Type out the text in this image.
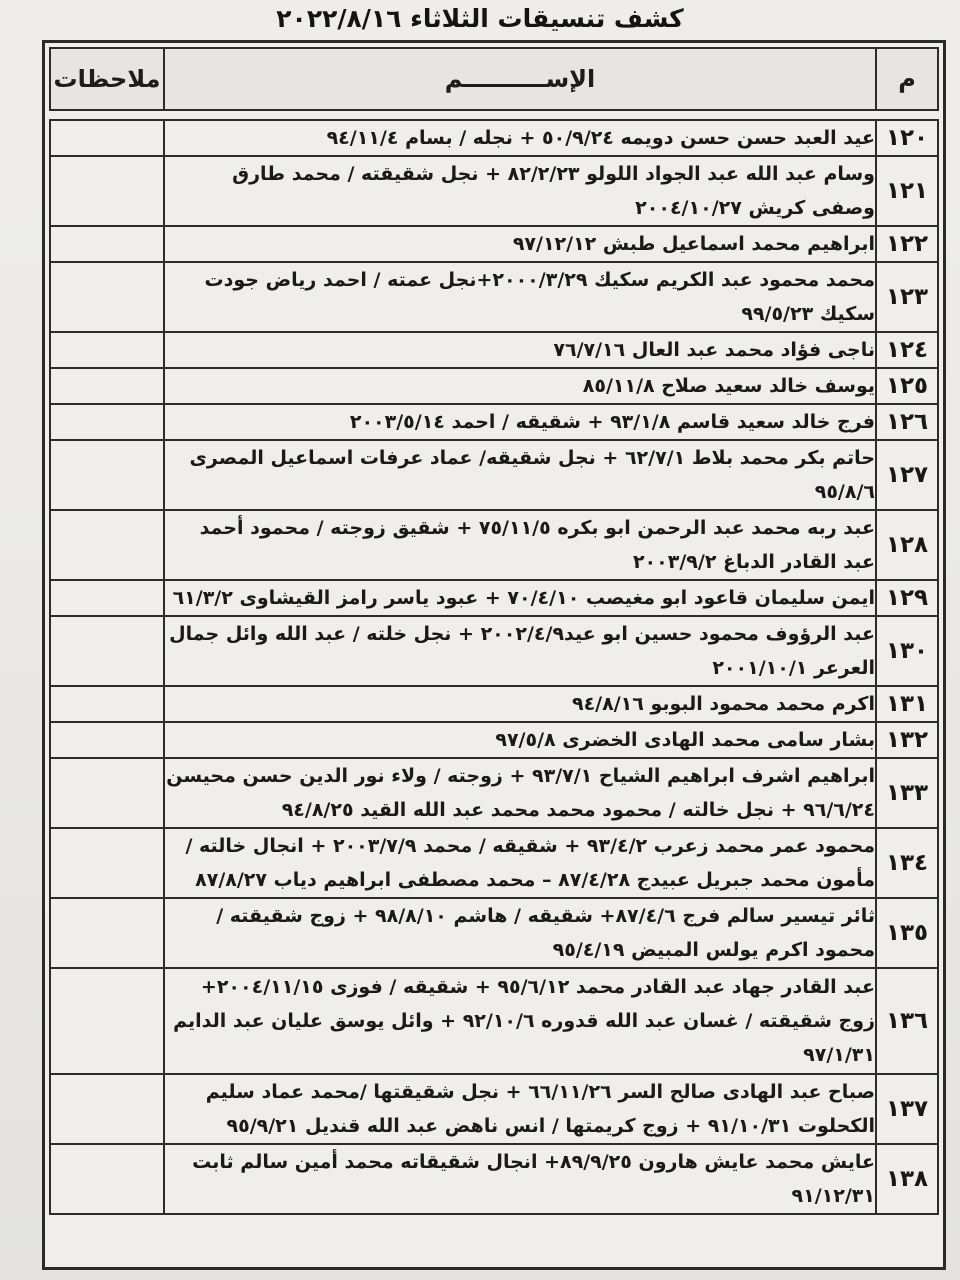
كشف تنسيقات الثلاثاء ٢٠٢٢/٨/١٦
م	الإســــــــــم	ملاحظات

١٢٠	عيد العبد حسن حسن دويمه ٥٠/٩/٢٤ + نجله / بسام ٩٤/١١/٤	
١٢١	وسام عبد الله عبد الجواد اللولو ٨٢/٢/٢٣ + نجل شقيقته / محمد طارق وصفى كريش ٢٠٠٤/١٠/٢٧	
١٢٢	ابراهيم محمد اسماعيل طبش ٩٧/١٢/١٢	
١٢٣	محمد محمود عبد الكريم سكيك ٢٠٠٠/٣/٢٩+نجل عمته / احمد رياض جودت سكيك ٩٩/٥/٢٣	
١٢٤	ناجى فؤاد محمد عبد العال ٧٦/٧/١٦	
١٢٥	يوسف خالد سعيد صلاح ٨٥/١١/٨	
١٢٦	فرج خالد سعيد قاسم ٩٣/١/٨ + شقيقه / احمد ٢٠٠٣/٥/١٤	
١٢٧	حاتم بكر محمد بلاط ٦٢/٧/١ + نجل شقيقه/ عماد عرفات اسماعيل المصرى ٩٥/٨/٦	
١٢٨	عبد ربه محمد عبد الرحمن ابو بكره ٧٥/١١/٥ + شقيق زوجته / محمود أحمد عبد القادر الدباغ ٢٠٠٣/٩/٢	
١٢٩	ايمن سليمان قاعود ابو مغيصب ٧٠/٤/١٠ + عبود ياسر رامز القيشاوى ٦١/٣/٢	
١٣٠	عبد الرؤوف محمود حسين ابو عيد٢٠٠٢/٤/٩ + نجل خلته / عبد الله وائل جمال العرعر ٢٠٠١/١٠/١	
١٣١	اكرم محمد محمود البوبو ٩٤/٨/١٦	
١٣٢	بشار سامى محمد الهادى الخضرى ٩٧/٥/٨	
١٣٣	ابراهيم اشرف ابراهيم الشياح ٩٣/٧/١ + زوجته / ولاء نور الدين حسن محيسن ٩٦/٦/٢٤ + نجل خالته / محمود محمد محمد عبد الله القيد ٩٤/٨/٢٥	
١٣٤	محمود عمر محمد زعرب ٩٣/٤/٢ + شقيقه / محمد ٢٠٠٣/٧/٩ + انجال خالته / مأمون محمد جبريل عبيدج ٨٧/٤/٢٨ – محمد مصطفى ابراهيم دياب ٨٧/٨/٢٧	
١٣٥	ثائر تيسير سالم فرج ٨٧/٤/٦+ شقيقه / هاشم ٩٨/٨/١٠ + زوج شقيقته / محمود اكرم يولس المبيض ٩٥/٤/١٩	
١٣٦	عبد القادر جهاد عبد القادر محمد ٩٥/٦/١٢ + شقيقه / فوزى ٢٠٠٤/١١/١٥+ زوج شقيقته / غسان عبد الله قدوره ٩٢/١٠/٦ + وائل يوسق عليان عبد الدايم ٩٧/١/٣١	
١٣٧	صباح عبد الهادى صالح السر ٦٦/١١/٢٦ + نجل شقيقتها /محمد عماد سليم الكحلوت ٩١/١٠/٣١ + زوج كريمتها / انس ناهض عبد الله قنديل ٩٥/٩/٢١	
١٣٨	عايش محمد عايش هارون ٨٩/٩/٢٥+ انجال شقيقاته محمد أمين سالم ثابت ٩١/١٢/٣١	
